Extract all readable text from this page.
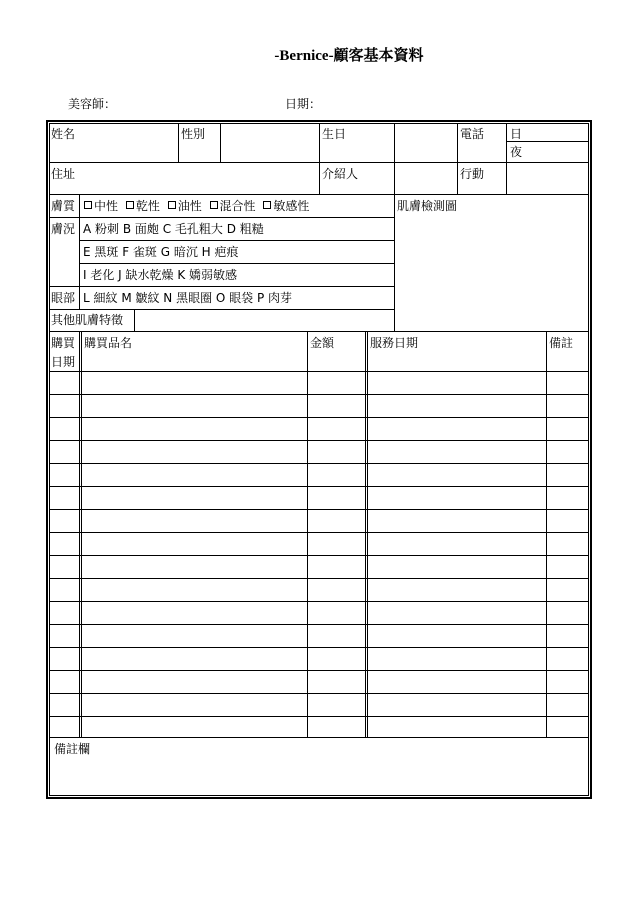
-Bernice-顧客基本資料
美容師：	日期：
姓名	性別	生日	電話 日
夜
住址	介紹人	行動
膚質	中性 乾性 油性 混合性 敏感性	肌膚檢測圖
膚況 A 粉刺 B 面皰 C 毛孔粗大 D 粗糙
E 黑斑 F 雀斑 G 暗沉 H 疤痕
I 老化 J 缺水乾燥 K 嬌弱敏感
眼部 L 細紋 M 皺紋 N 黑眼圈 O 眼袋 P 肉芽
其他肌膚特徵
購買
日期
購買品名	金額	服務日期	備註
備註欄
